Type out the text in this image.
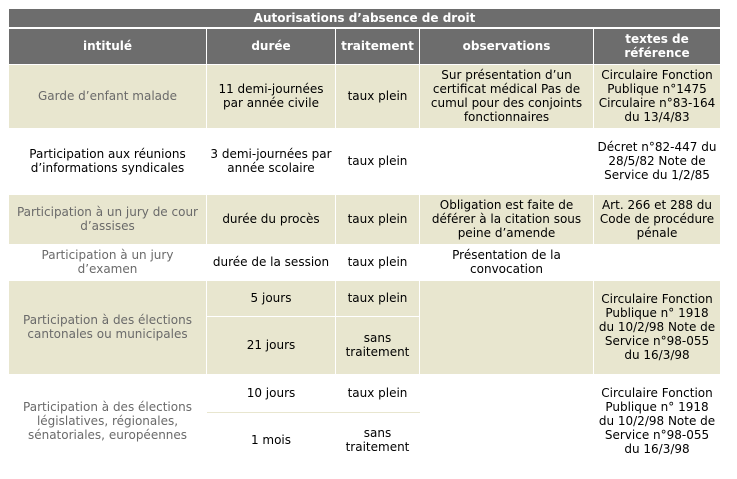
Autorisations d’absence de droit				
intitulé	durée	traitement	observations	textes de référence
Garde d’enfant malade	11 demi-journées par année civile	taux plein	Sur présentation d’un certificat médical Pas de cumul pour des conjoints fonctionnaires	Circulaire Fonction Publique n°1475 Circulaire n°83-164 du 13/4/83
Participation aux réunions d’informations syndicales	3 demi-journées par année scolaire	taux plein		Décret n°82-447 du 28/5/82 Note de Service du 1/2/85
Participation à un jury de cour d’assises	durée du procès	taux plein	Obligation est faite de déférer à la citation sous peine d’amende	Art. 266 et 288 du Code de procédure pénale
Participation à un jury d’examen	durée de la session	taux plein	Présentation de la convocation	
Participation à des élections cantonales ou municipales	5 jours	taux plein		Circulaire Fonction Publique n° 1918 du 10/2/98 Note de Service n°98-055 du 16/3/98
	21 jours	sans traitement		
Participation à des élections législatives, régionales, sénatoriales, européennes	10 jours	taux plein		Circulaire Fonction Publique n° 1918 du 10/2/98 Note de Service n°98-055 du 16/3/98
	1 mois	sans traitement		
